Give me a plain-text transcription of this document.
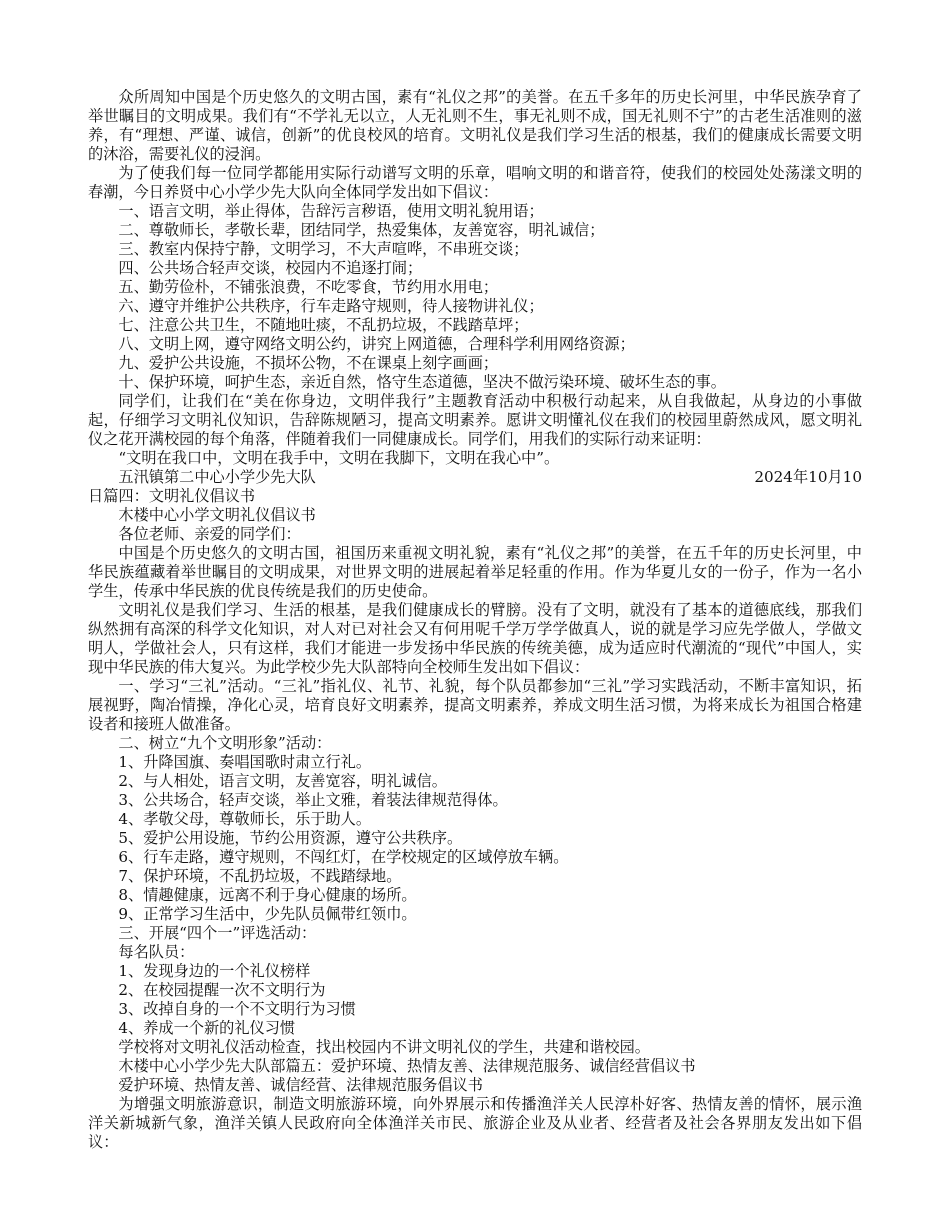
众所周知中国是个历史悠久的文明古国，素有“礼仪之邦”的美誉。在五千多年的历史长河里，中华民族孕育了举世瞩目的文明成果。我们有“不学礼无以立，人无礼则不生，事无礼则不成，国无礼则不宁”的古老生活准则的滋养，有“理想、严谨、诚信，创新”的优良校风的培育。文明礼仪是我们学习生活的根基，我们的健康成长需要文明的沐浴，需要礼仪的浸润。

为了使我们每一位同学都能用实际行动谱写文明的乐章，唱响文明的和谐音符，使我们的校园处处荡漾文明的春潮，今日养贤中心小学少先大队向全体同学发出如下倡议：

一、语言文明，举止得体，告辞污言秽语，使用文明礼貌用语；

二、尊敬师长，孝敬长辈，团结同学，热爱集体，友善宽容，明礼诚信；

三、教室内保持宁静，文明学习，不大声喧哗，不串班交谈；

四、公共场合轻声交谈，校园内不追逐打闹；

五、勤劳俭朴，不铺张浪费，不吃零食，节约用水用电；

六、遵守并维护公共秩序，行车走路守规则，待人接物讲礼仪；

七、注意公共卫生，不随地吐痰，不乱扔垃圾，不践踏草坪；

八、文明上网，遵守网络文明公约，讲究上网道德，合理科学利用网络资源；

九、爱护公共设施，不损坏公物，不在课桌上刻字画画；

十、保护环境，呵护生态，亲近自然，恪守生态道德，坚决不做污染环境、破坏生态的事。

同学们，让我们在“美在你身边，文明伴我行”主题教育活动中积极行动起来，从自我做起，从身边的小事做起，仔细学习文明礼仪知识，告辞陈规陋习，提高文明素养。愿讲文明懂礼仪在我们的校园里蔚然成风，愿文明礼仪之花开满校园的每个角落，伴随着我们一同健康成长。同学们，用我们的实际行动来证明：

“文明在我口中，文明在我手中，文明在我脚下，文明在我心中”。

五汛镇第二中心小学少先大队	2024年10月10

日篇四：文明礼仪倡议书

木楼中心小学文明礼仪倡议书

各位老师、亲爱的同学们：

中国是个历史悠久的文明古国，祖国历来重视文明礼貌，素有“礼仪之邦”的美誉，在五千年的历史长河里，中华民族蕴藏着举世瞩目的文明成果，对世界文明的进展起着举足轻重的作用。作为华夏儿女的一份子，作为一名小学生，传承中华民族的优良传统是我们的历史使命。

文明礼仪是我们学习、生活的根基，是我们健康成长的臂膀。没有了文明，就没有了基本的道德底线，那我们纵然拥有高深的科学文化知识，对人对已对社会又有何用呢千学万学学做真人，说的就是学习应先学做人，学做文明人，学做社会人，只有这样，我们才能进一步发扬中华民族的传统美德，成为适应时代潮流的“现代”中国人，实现中华民族的伟大复兴。为此学校少先大队部特向全校师生发出如下倡议：

一、学习“三礼”活动。“三礼”指礼仪、礼节、礼貌，每个队员都参加“三礼”学习实践活动，不断丰富知识，拓展视野，陶冶情操，净化心灵，培育良好文明素养，提高文明素养，养成文明生活习惯，为将来成长为祖国合格建设者和接班人做准备。

二、树立“九个文明形象”活动：

1、升降国旗、奏唱国歌时肃立行礼。

2、与人相处，语言文明，友善宽容，明礼诚信。

3、公共场合，轻声交谈，举止文雅，着装法律规范得体。

4、孝敬父母，尊敬师长，乐于助人。

5、爱护公用设施，节约公用资源，遵守公共秩序。

6、行车走路，遵守规则，不闯红灯，在学校规定的区域停放车辆。

7、保护环境，不乱扔垃圾，不践踏绿地。

8、情趣健康，远离不利于身心健康的场所。

9、正常学习生活中，少先队员佩带红领巾。

三、开展“四个一”评选活动：

每名队员：

1、发现身边的一个礼仪榜样

2、在校园提醒一次不文明行为

3、改掉自身的一个不文明行为习惯

4、养成一个新的礼仪习惯

学校将对文明礼仪活动检查，找出校园内不讲文明礼仪的学生，共建和谐校园。

木楼中心小学少先大队部篇五：爱护环境、热情友善、法律规范服务、诚信经营倡议书

爱护环境、热情友善、诚信经营、法律规范服务倡议书

为增强文明旅游意识，制造文明旅游环境，向外界展示和传播渔洋关人民淳朴好客、热情友善的情怀，展示渔洋关新城新气象，渔洋关镇人民政府向全体渔洋关市民、旅游企业及从业者、经营者及社会各界朋友发出如下倡议：
